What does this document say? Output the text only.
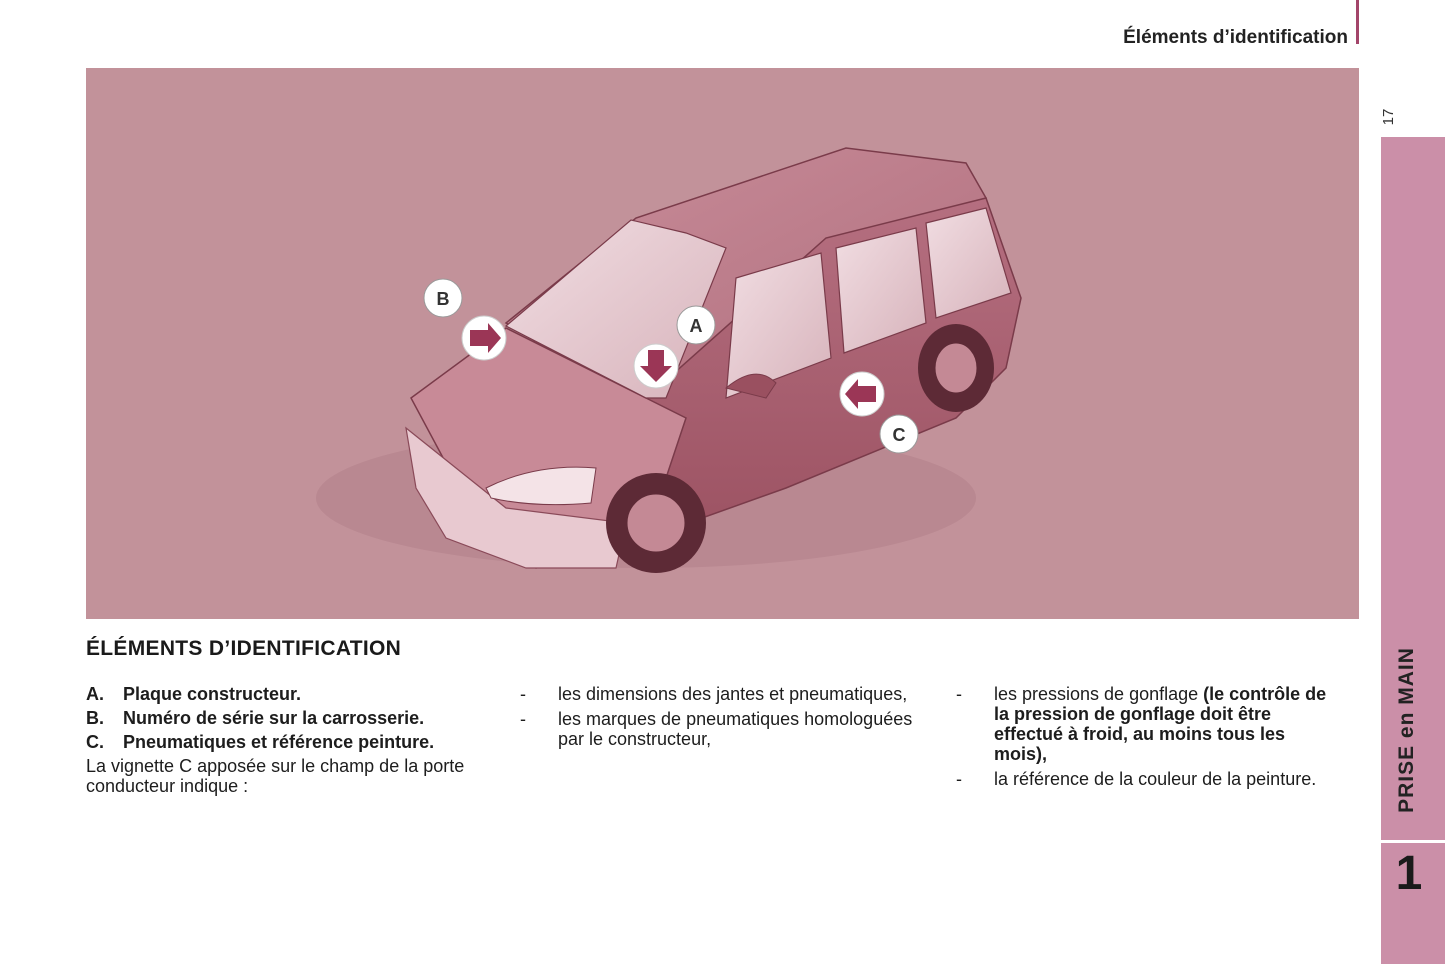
Éléments d’identification
17
PRISE en MAIN
1
B
A
C
ÉLÉMENTS D’IDENTIFICATION
A.	Plaque constructeur.
B.	Numéro de série sur la carrosserie.
C.	Pneumatiques et référence peinture.
La vignette C apposée sur le champ de la porte conducteur indique :
-	les dimensions des jantes et pneumatiques,
-	les marques de pneumatiques homologuées par le constructeur,
-	les pressions de gonflage (le contrôle de la pression de gonflage doit être effectué à froid, au moins tous les mois),
-	la référence de la couleur de la peinture.
